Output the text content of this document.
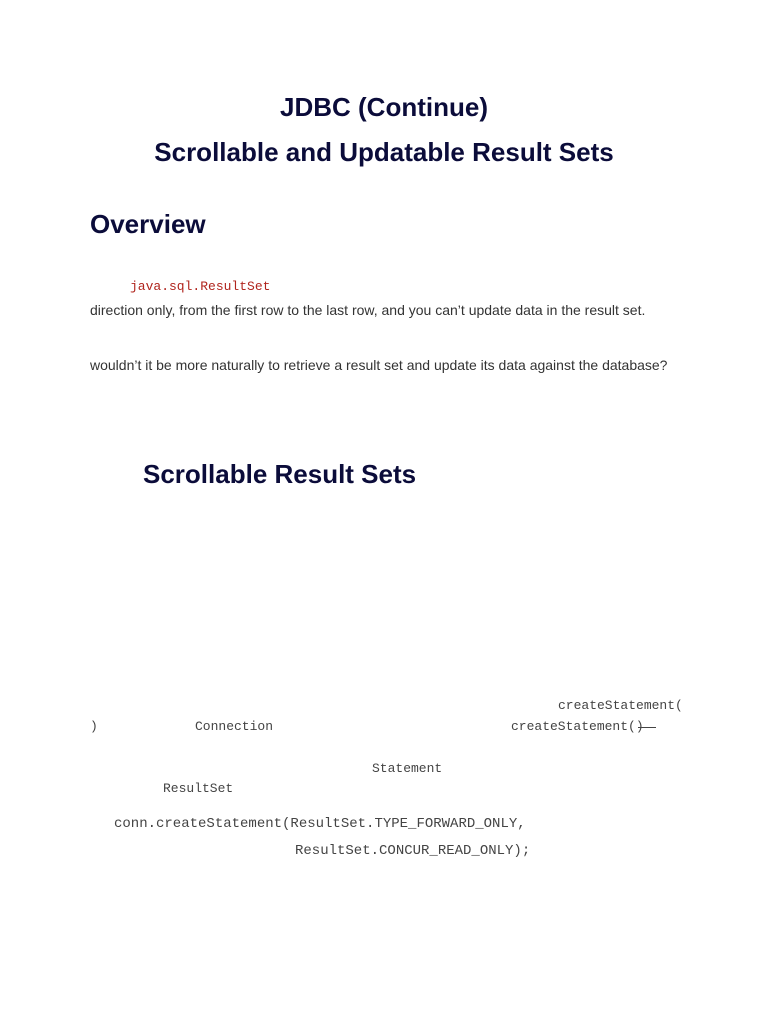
JDBC (Continue)
Scrollable and Updatable Result Sets
Overview
java.sql.ResultSet
direction only, from the first row to the last row, and you can’t update data in the result set.
wouldn’t it be more naturally to retrieve a result set and update its data against the database?
Scrollable Result Sets
createStatement(
)	Connection	createStatement()
Statement
ResultSet
conn.createStatement(ResultSet.TYPE_FORWARD_ONLY,
ResultSet.CONCUR_READ_ONLY);
